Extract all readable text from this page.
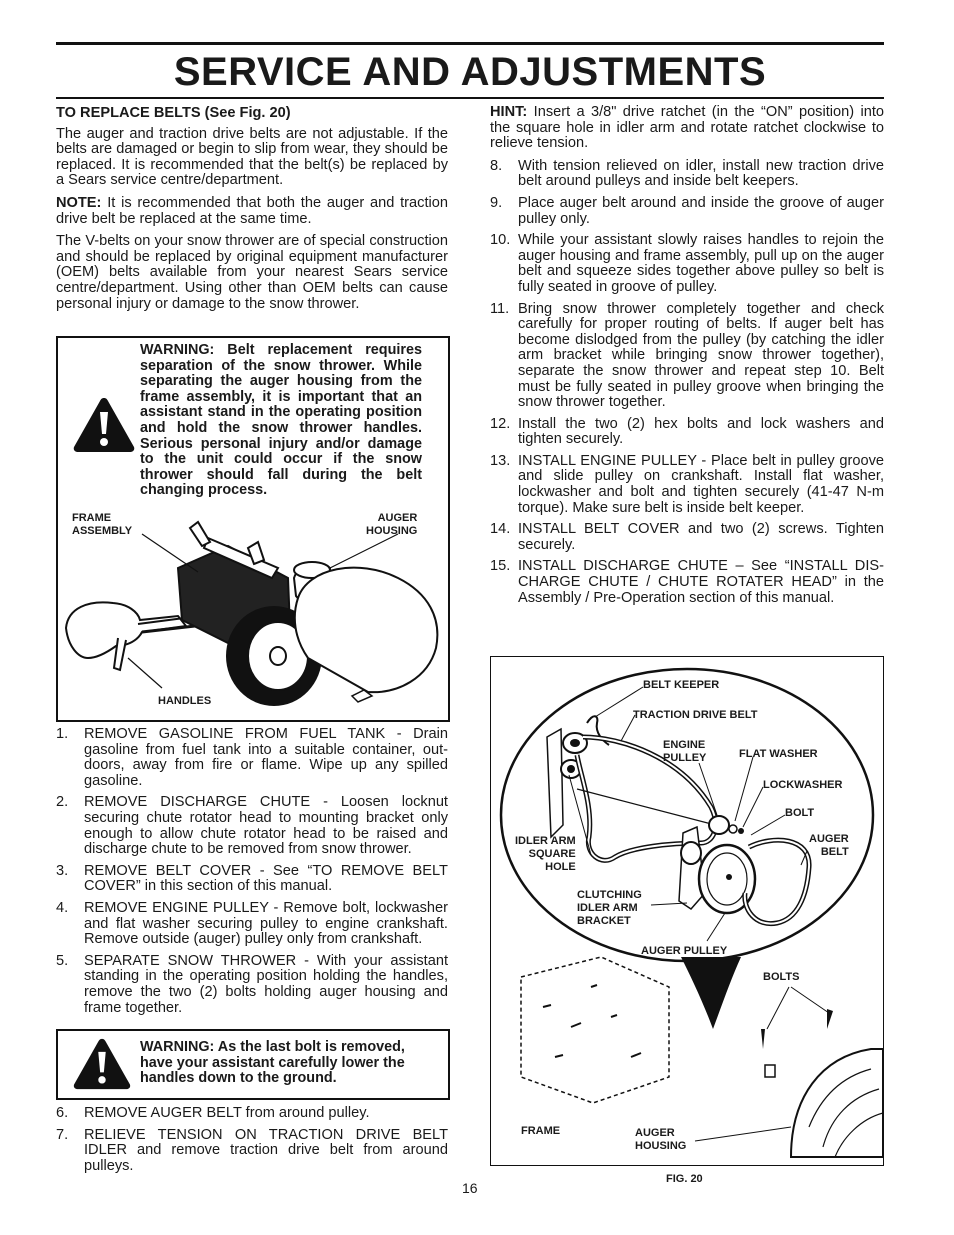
SERVICE AND ADJUSTMENTS

TO REPLACE BELTS (See Fig. 20)

The auger and traction drive belts are not adjustable. If the belts are damaged or begin to slip from wear, they should be replaced. It is recommended that the belt(s) be replaced by a Sears service centre/department.

NOTE: It is recommended that both the auger and traction drive belt be replaced at the same time.

The V-belts on your snow thrower are of special construction and should be replaced by original equipment manufacturer (OEM) belts available from your nearest Sears service centre/department. Using other than OEM belts can cause personal injury or damage to the snow thrower.

WARNING: Belt replacement requires separation of the snow thrower. While separating the auger housing from the frame assembly, it is important that an assistant stand in the operating position and hold the snow thrower handles. Serious personal injury and/or damage to the unit could occur if the snow thrower should fall during the belt changing process.
FRAME
ASSEMBLY
AUGER
HOUSING
HANDLES
1. REMOVE GASOLINE FROM FUEL TANK - Drain gasoline from fuel tank into a suitable container, out-doors, away from fire or flame. Wipe up any spilled gasoline.
2. REMOVE DISCHARGE CHUTE - Loosen locknut securing chute rotator head to mounting bracket only enough to allow chute rotator head to be raised and discharge chute to be removed from snow thrower.
3. REMOVE BELT COVER - See “TO REMOVE BELT COVER” in this section of this manual.
4. REMOVE ENGINE PULLEY - Remove bolt, lockwasher and flat washer securing pulley to engine crankshaft. Remove outside (auger) pulley only from crankshaft.
5. SEPARATE SNOW THROWER - With your assistant standing in the operating position holding the handles, remove the two (2) bolts holding auger housing and frame together.
WARNING: As the last bolt is removed, have your assistant carefully lower the handles down to the ground.
6. REMOVE AUGER BELT from around pulley.
7. RELIEVE TENSION ON TRACTION DRIVE BELT IDLER and remove traction drive belt from around pulleys.

HINT: Insert a 3/8" drive ratchet (in the “ON” position) into the square hole in idler arm and rotate ratchet clockwise to relieve tension.

8. With tension relieved on idler, install new traction drive belt around pulleys and inside belt keepers.
9. Place auger belt around and inside the groove of auger pulley only.
10. While your assistant slowly raises handles to rejoin the auger housing and frame assembly, pull up on the auger belt and squeeze sides together above pulley so belt is fully seated in groove of pulley.
11. Bring snow thrower completely together and check carefully for proper routing of belts. If auger belt has become dislodged from the pulley (by catching the idler arm bracket while bringing snow thrower together), separate the snow thrower and repeat step 10. Belt must be fully seated in pulley groove when bringing the snow thrower together.
12. Install the two (2) hex bolts and lock washers and tighten securely.
13. INSTALL ENGINE PULLEY - Place belt in pulley groove and slide pulley on crankshaft. Install flat washer, lockwasher and bolt and tighten securely (41-47 N-m torque). Make sure belt is inside belt keeper.
14. INSTALL BELT COVER and two (2) screws. Tighten securely.
15. INSTALL DISCHARGE CHUTE – See “INSTALL DIS-CHARGE CHUTE / CHUTE ROTATER HEAD” in the Assembly / Pre-Operation section of this manual.
BELT KEEPER
TRACTION DRIVE BELT
ENGINE
PULLEY	FLAT WASHER
LOCKWASHER
BOLT
AUGER
BELT
IDLER ARM
SQUARE
HOLE
CLUTCHING
IDLER ARM
BRACKET
AUGER PULLEY
BOLTS
FRAME	AUGER
HOUSING
FIG. 20
16
